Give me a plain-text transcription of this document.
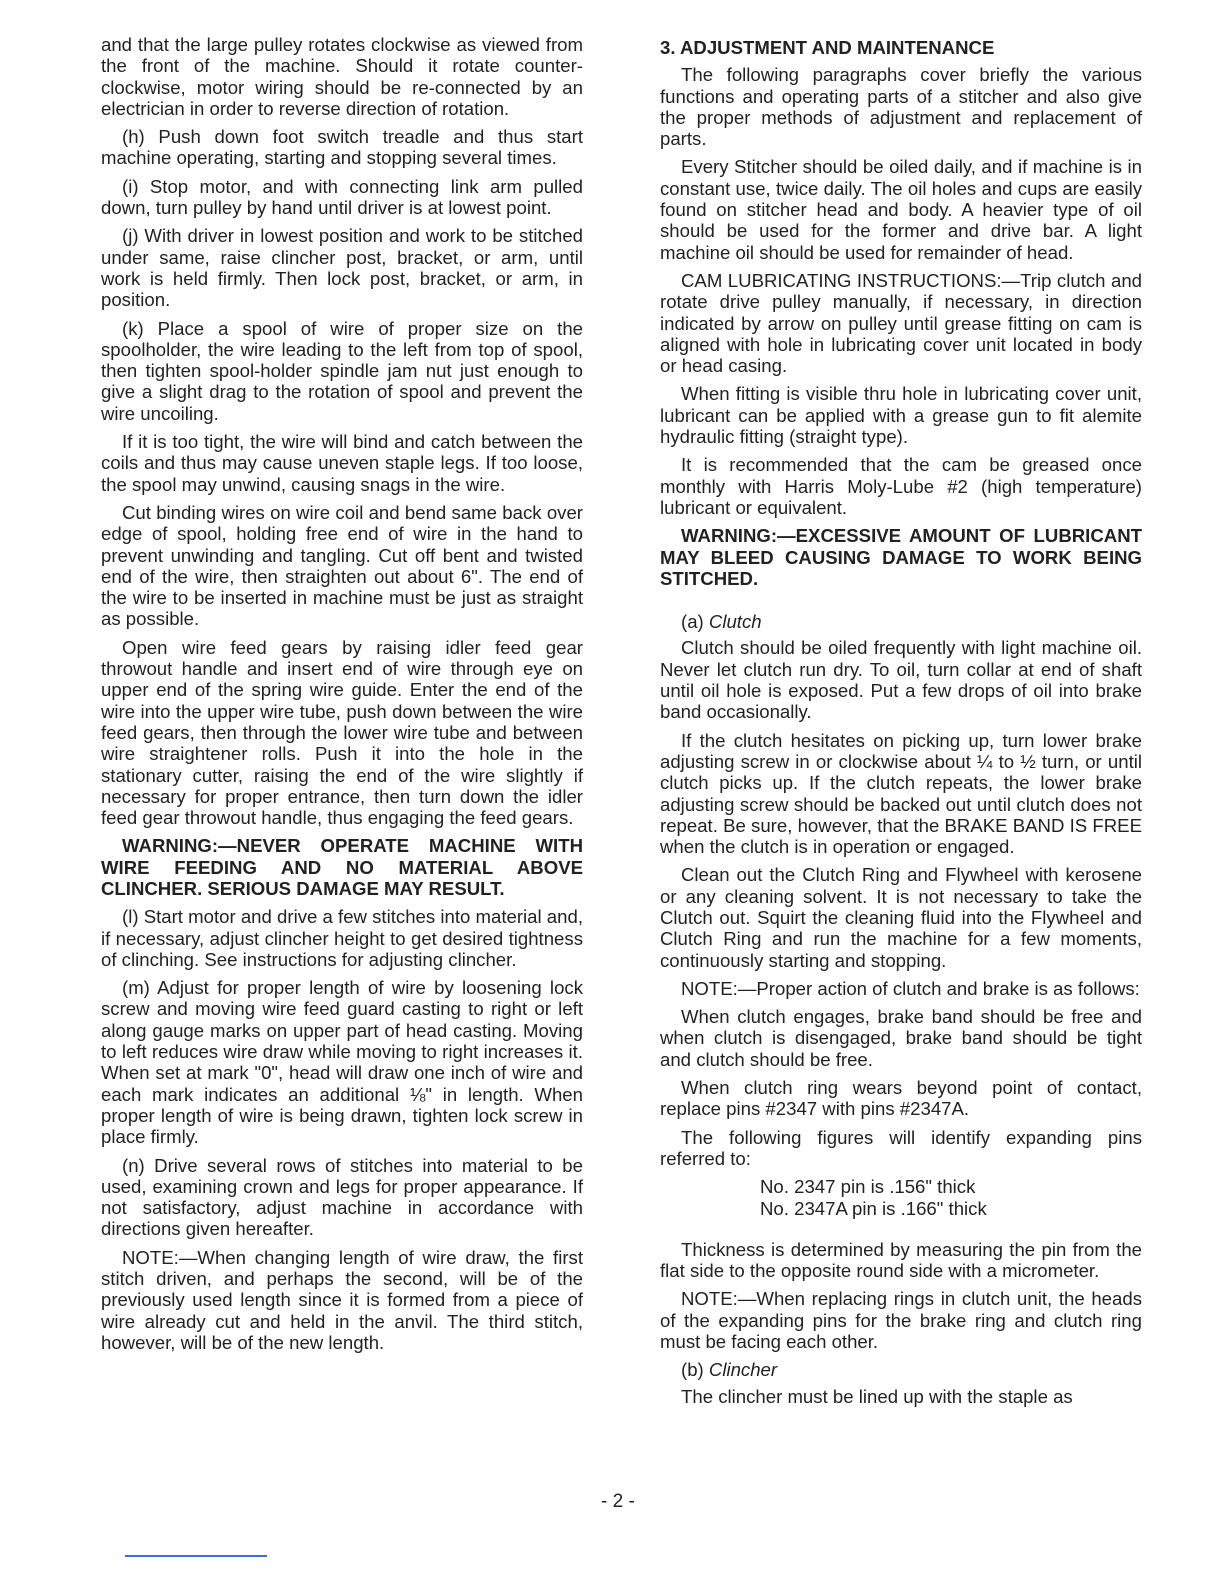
and that the large pulley rotates clockwise as viewed from the front of the machine. Should it rotate counter-clockwise, motor wiring should be re-connected by an electrician in order to reverse direction of rotation.

(h) Push down foot switch treadle and thus start machine operating, starting and stopping several times.

(i) Stop motor, and with connecting link arm pulled down, turn pulley by hand until driver is at lowest point.

(j) With driver in lowest position and work to be stitched under same, raise clincher post, bracket, or arm, until work is held firmly. Then lock post, bracket, or arm, in position.

(k) Place a spool of wire of proper size on the spoolholder, the wire leading to the left from top of spool, then tighten spool-holder spindle jam nut just enough to give a slight drag to the rotation of spool and prevent the wire uncoiling.

If it is too tight, the wire will bind and catch between the coils and thus may cause uneven staple legs. If too loose, the spool may unwind, causing snags in the wire.

Cut binding wires on wire coil and bend same back over edge of spool, holding free end of wire in the hand to prevent unwinding and tangling. Cut off bent and twisted end of the wire, then straighten out about 6". The end of the wire to be inserted in machine must be just as straight as possible.

Open wire feed gears by raising idler feed gear throwout handle and insert end of wire through eye on upper end of the spring wire guide. Enter the end of the wire into the upper wire tube, push down between the wire feed gears, then through the lower wire tube and between wire straightener rolls. Push it into the hole in the stationary cutter, raising the end of the wire slightly if necessary for proper entrance, then turn down the idler feed gear throwout handle, thus engaging the feed gears.

WARNING:—NEVER OPERATE MACHINE WITH WIRE FEEDING AND NO MATERIAL ABOVE CLINCHER. SERIOUS DAMAGE MAY RESULT.

(l) Start motor and drive a few stitches into material and, if necessary, adjust clincher height to get desired tightness of clinching. See instructions for adjusting clincher.

(m) Adjust for proper length of wire by loosening lock screw and moving wire feed guard casting to right or left along gauge marks on upper part of head casting. Moving to left reduces wire draw while moving to right increases it. When set at mark "0", head will draw one inch of wire and each mark indicates an additional ⅛" in length. When proper length of wire is being drawn, tighten lock screw in place firmly.

(n) Drive several rows of stitches into material to be used, examining crown and legs for proper appearance. If not satisfactory, adjust machine in accordance with directions given hereafter.

NOTE:—When changing length of wire draw, the first stitch driven, and perhaps the second, will be of the previously used length since it is formed from a piece of wire already cut and held in the anvil. The third stitch, however, will be of the new length.

3. ADJUSTMENT AND MAINTENANCE

The following paragraphs cover briefly the various functions and operating parts of a stitcher and also give the proper methods of adjustment and replacement of parts.

Every Stitcher should be oiled daily, and if machine is in constant use, twice daily. The oil holes and cups are easily found on stitcher head and body. A heavier type of oil should be used for the former and drive bar. A light machine oil should be used for remainder of head.

CAM LUBRICATING INSTRUCTIONS:—Trip clutch and rotate drive pulley manually, if necessary, in direction indicated by arrow on pulley until grease fitting on cam is aligned with hole in lubricating cover unit located in body or head casing.

When fitting is visible thru hole in lubricating cover unit, lubricant can be applied with a grease gun to fit alemite hydraulic fitting (straight type).

It is recommended that the cam be greased once monthly with Harris Moly-Lube #2 (high temperature) lubricant or equivalent.

WARNING:—EXCESSIVE AMOUNT OF LUBRICANT MAY BLEED CAUSING DAMAGE TO WORK BEING STITCHED.

(a) Clutch

Clutch should be oiled frequently with light machine oil. Never let clutch run dry. To oil, turn collar at end of shaft until oil hole is exposed. Put a few drops of oil into brake band occasionally.

If the clutch hesitates on picking up, turn lower brake adjusting screw in or clockwise about ¼ to ½ turn, or until clutch picks up. If the clutch repeats, the lower brake adjusting screw should be backed out until clutch does not repeat. Be sure, however, that the BRAKE BAND IS FREE when the clutch is in operation or engaged.

Clean out the Clutch Ring and Flywheel with kerosene or any cleaning solvent. It is not necessary to take the Clutch out. Squirt the cleaning fluid into the Flywheel and Clutch Ring and run the machine for a few moments, continuously starting and stopping.

NOTE:—Proper action of clutch and brake is as follows:

When clutch engages, brake band should be free and when clutch is disengaged, brake band should be tight and clutch should be free.

When clutch ring wears beyond point of contact, replace pins #2347 with pins #2347A.

The following figures will identify expanding pins referred to:

No. 2347 pin is .156" thick

No. 2347A pin is .166" thick

Thickness is determined by measuring the pin from the flat side to the opposite round side with a micrometer.

NOTE:—When replacing rings in clutch unit, the heads of the expanding pins for the brake ring and clutch ring must be facing each other.

(b) Clincher

The clincher must be lined up with the staple as

- 2 -
